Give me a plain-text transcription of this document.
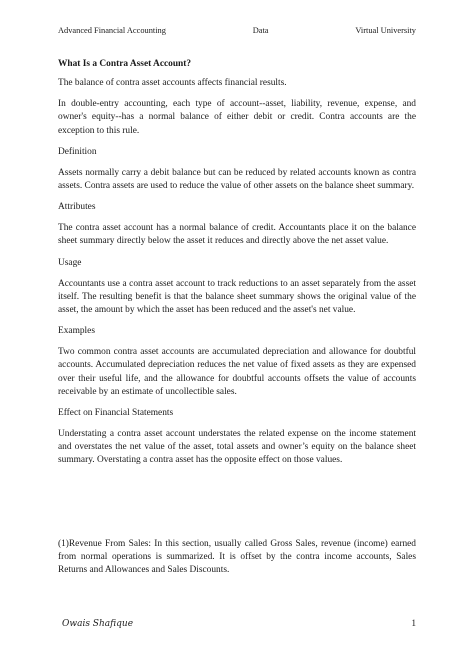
Advanced Financial Accounting	Data	Virtual University

What Is a Contra Asset Account?

The balance of contra asset accounts affects financial results.

In double-entry accounting, each type of account--asset, liability, revenue, expense, and owner's equity--has a normal balance of either debit or credit. Contra accounts are the exception to this rule.

Definition

Assets normally carry a debit balance but can be reduced by related accounts known as contra assets. Contra assets are used to reduce the value of other assets on the balance sheet summary.

Attributes

The contra asset account has a normal balance of credit. Accountants place it on the balance sheet summary directly below the asset it reduces and directly above the net asset value.

Usage

Accountants use a contra asset account to track reductions to an asset separately from the asset itself. The resulting benefit is that the balance sheet summary shows the original value of the asset, the amount by which the asset has been reduced and the asset's net value.

Examples

Two common contra asset accounts are accumulated depreciation and allowance for doubtful accounts. Accumulated depreciation reduces the net value of fixed assets as they are expensed over their useful life, and the allowance for doubtful accounts offsets the value of accounts receivable by an estimate of uncollectible sales.

Effect on Financial Statements

Understating a contra asset account understates the related expense on the income statement and overstates the net value of the asset, total assets and owner’s equity on the balance sheet summary. Overstating a contra asset has the opposite effect on those values.

(1)Revenue From Sales: In this section, usually called Gross Sales, revenue (income) earned from normal operations is summarized. It is offset by the contra income accounts, Sales Returns and Allowances and Sales Discounts.

Owais Shafique	1
